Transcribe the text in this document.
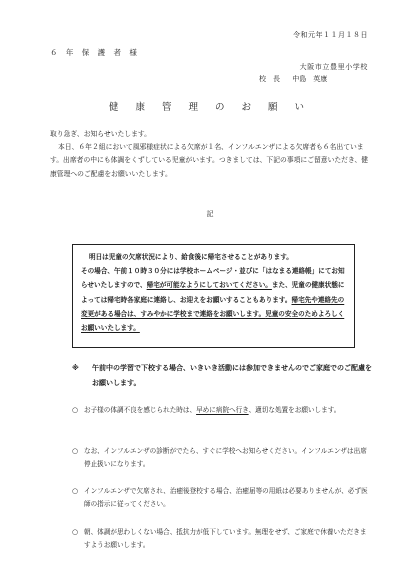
令和元年１１月１８日
６ 年 保 護 者 様
大阪市立豊里小学校
校　長 中島　英康
健 康 管 理 の お 願 い

取り急ぎ、お知らせいたします。

本日、６年２組において風邪様症状による欠席が１名、インフルエンザによる欠席者も６名出ています。出席者の中にも体調をくずしている児童がいます。つきましては、下記の事項にご留意いただき、健康管理へのご配慮をお願いいたします。

記

明日は児童の欠席状況により、給食後に帰宅させることがあります。

その場合、午前１０時３０分には学校ホームページ・並びに「はなまる連絡帳」にてお知らせいたしますので、帰宅が可能なようにしておいてください。また、児童の健康状態によっては帰宅時各家庭に連絡し、お迎えをお願いすることもあります。帰宅先や連絡先の変更がある場合は、すみやかに学校まで連絡をお願いします。児童の安全のためよろしくお願いいたします。

※ 午前中の学習で下校する場合、いきいき活動には参加できませんのでご家庭でのご配慮をお願いします。
○ お子様の体調不良を感じられた時は、早めに病院へ行き、適切な処置をお願いします。
○ なお、インフルエンザの診断がでたら、すぐに学校へお知らせください。インフルエンザは出席停止扱いになります。
○ インフルエンザで欠席され、治癒後登校する場合、治癒届等の用紙は必要ありませんが、必ず医師の指示に従ってください。
○ 朝、体調が思わしくない場合、抵抗力が低下しています。無理をせず、ご家庭で休養いただきますようお願いします。
